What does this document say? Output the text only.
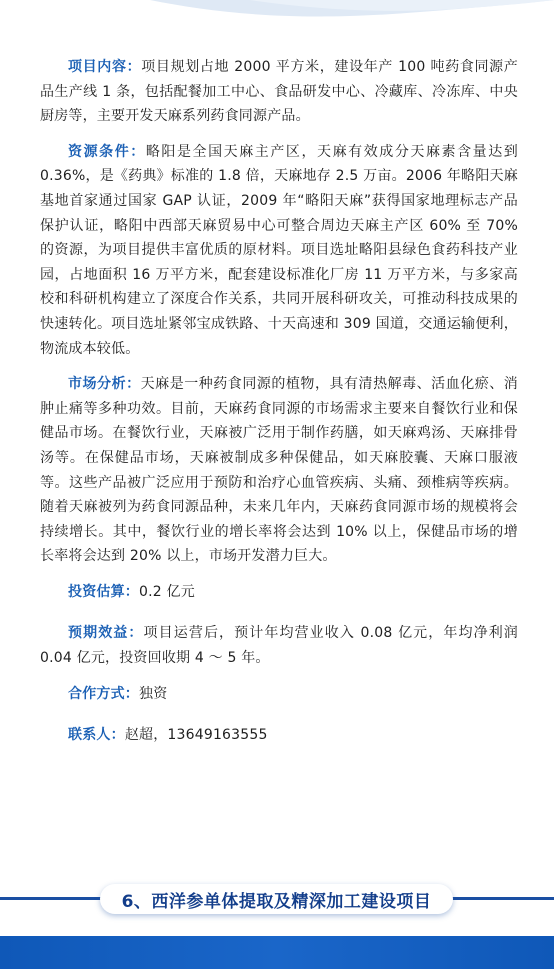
项目内容：项目规划占地 2000 平方米，建设年产 100 吨药食同源产品生产线 1 条，包括配餐加工中心、食品研发中心、冷藏库、冷冻库、中央厨房等，主要开发天麻系列药食同源产品。

资源条件：略阳是全国天麻主产区，天麻有效成分天麻素含量达到 0.36%，是《药典》标准的 1.8 倍，天麻地存 2.5 万亩。2006 年略阳天麻基地首家通过国家 GAP 认证，2009 年“略阳天麻”获得国家地理标志产品保护认证，略阳中西部天麻贸易中心可整合周边天麻主产区 60% 至 70% 的资源，为项目提供丰富优质的原材料。项目选址略阳县绿色食药科技产业园，占地面积 16 万平方米，配套建设标准化厂房 11 万平方米，与多家高校和科研机构建立了深度合作关系，共同开展科研攻关，可推动科技成果的快速转化。项目选址紧邻宝成铁路、十天高速和 309 国道，交通运输便利，物流成本较低。

市场分析：天麻是一种药食同源的植物，具有清热解毒、活血化瘀、消肿止痛等多种功效。目前，天麻药食同源的市场需求主要来自餐饮行业和保健品市场。在餐饮行业，天麻被广泛用于制作药膳，如天麻鸡汤、天麻排骨汤等。在保健品市场，天麻被制成多种保健品，如天麻胶囊、天麻口服液等。这些产品被广泛应用于预防和治疗心血管疾病、头痛、颈椎病等疾病。随着天麻被列为药食同源品种，未来几年内，天麻药食同源市场的规模将会持续增长。其中，餐饮行业的增长率将会达到 10% 以上，保健品市场的增长率将会达到 20% 以上，市场开发潜力巨大。

投资估算：0.2 亿元

预期效益：项目运营后，预计年均营业收入 0.08 亿元，年均净利润 0.04 亿元，投资回收期 4 ～ 5 年。

合作方式：独资

联系人：赵超，13649163555

6、西洋参单体提取及精深加工建设项目
